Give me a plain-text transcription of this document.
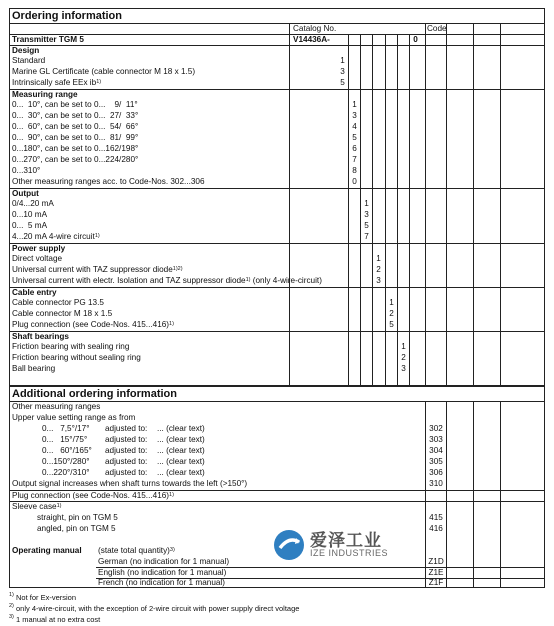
Ordering information
Catalog No.	Code
Transmitter TGM 5	V14436A-	0
Design
Standard	1
Marine GL Certificate (cable connector M 18 x 1.5)	3
Intrinsically safe EEx $ib^{1)}$	5
Measuring range
0...  10°, can be set to 0...    9/  11°	1
0...  30°, can be set to 0...  27/  33°	3
0...  60°, can be set to 0...  54/  66°	4
0...  90°, can be set to 0...  81/  99°	5
0...180°, can be set to 0...162/198°	6
0...270°, can be set to 0...224/280°	7
0...310°	8
Other measuring ranges acc. to Code-Nos. 302...306	0
Output
0/4...20 mA	1
0...10 mA	3
0...  5 mA	5
4...20 mA 4-wire circuit$^{1)}$	7
Power supply
Direct voltage	1
Universal current with TAZ suppressor diode$^{1)2)}$	2
Universal current with electr. Isolation and TAZ suppressor diode$^{1)}$ (only 4-wire-circuit)	3
Cable entry
Cable connector PG 13.5	1
Cable connector M 18 x 1.5	2
Plug connection (see Code-Nos. 415...416)$^{1)}$	5
Shaft bearings
Friction bearing with sealing ring	1
Friction bearing without sealing ring	2
Ball bearing	3
Additional ordering information
Other measuring ranges
Upper value setting range as from
0...   7,5°/17° adjusted to: ... (clear text)	302
0...   15°/75° adjusted to: ... (clear text)	303
0...   60°/165° adjusted to: ... (clear text)	304
0...150°/280° adjusted to: ... (clear text)	305
0...220°/310° adjusted to: ... (clear text)	306
Output signal increases when shaft turns towards the left (>150°)	310
Plug connection (see Code-Nos. 415...416)$^{1)}$
Sleeve case$^{1)}$
straight, pin on TGM 5	415
angled, pin on TGM 5	416
Operating manual (state total quantity)$^{3)}$
German (no indication for 1 manual)	Z1D
English (no indication for 1 manual)	Z1E
French (no indication for 1 manual)	Z1F
爱泽工业
IZE INDUSTRIES
$^{1)}$ Not for Ex-version
$^{2)}$ only 4-wire-circuit, with the exception of 2-wire circuit with power supply direct voltage
$^{3)}$ 1 manual at no extra cost
